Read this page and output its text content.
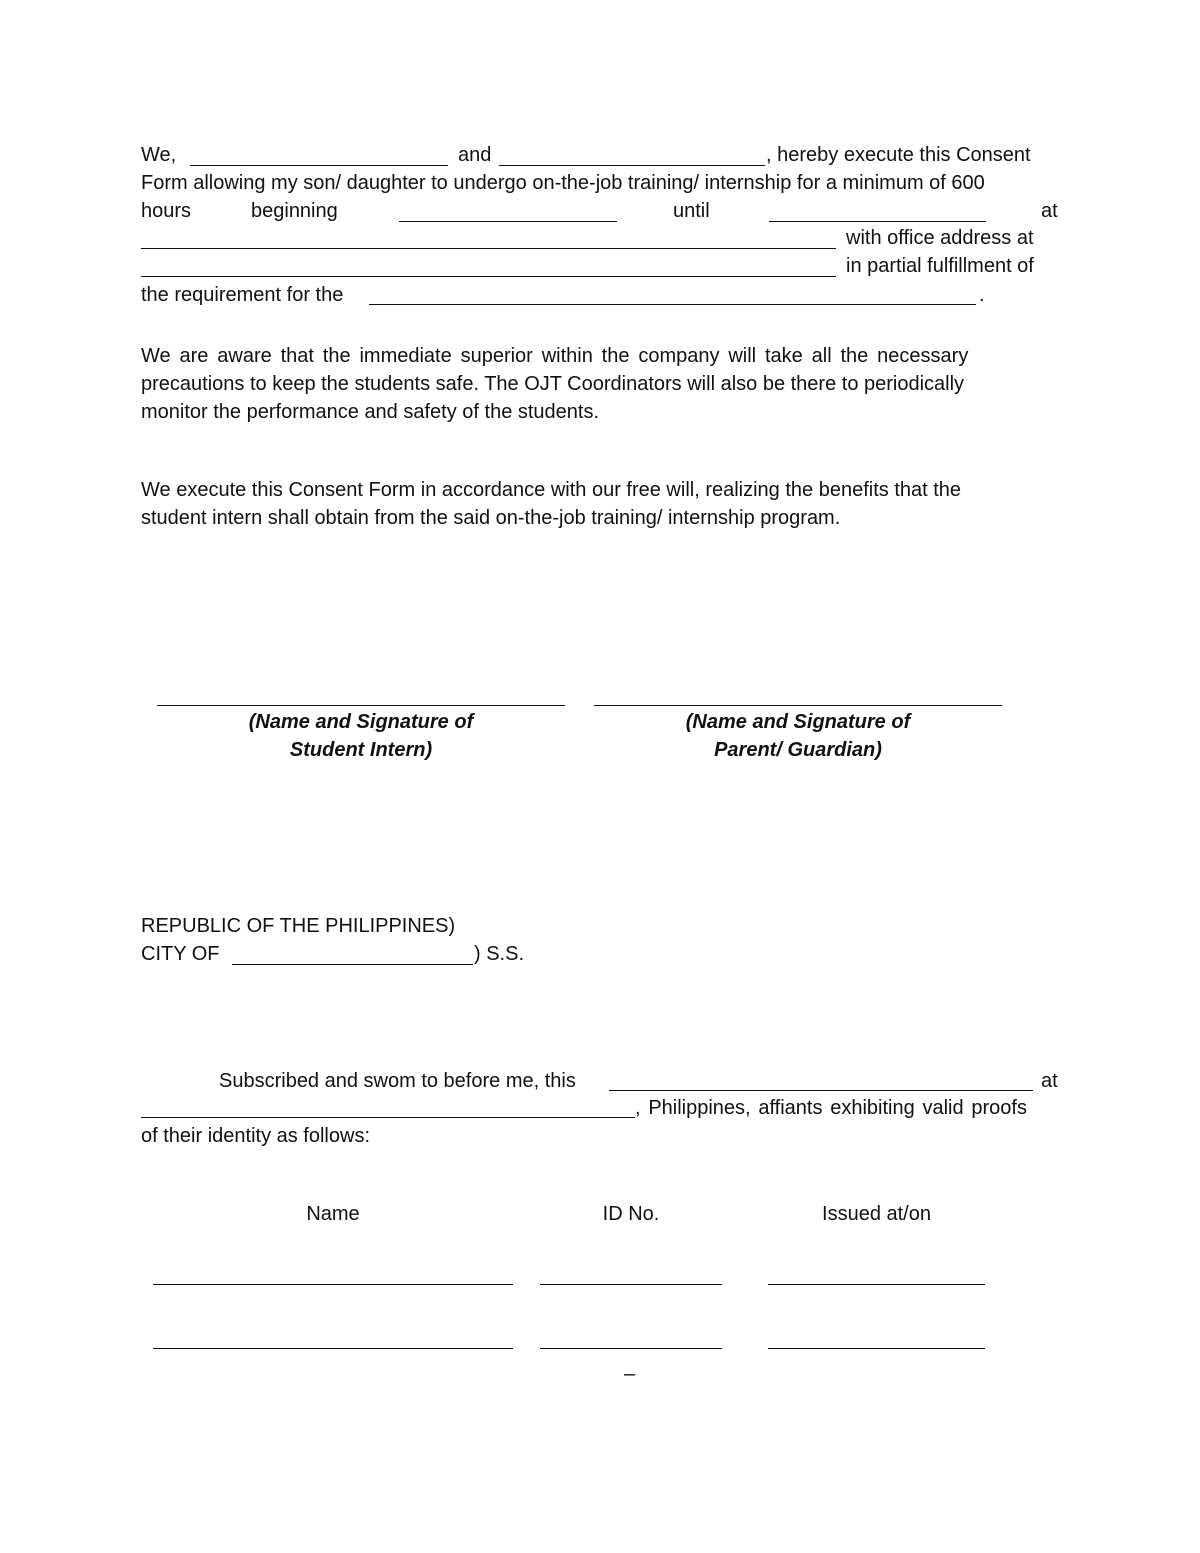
We,	and	, hereby execute this Consent
Form allowing my son/ daughter to undergo on-the-job training/ internship for a minimum of 600
hours	beginning	until	at
with office address at
in partial fulfillment of
the requirement for the	.
We are aware that the immediate superior within the company will take all the necessary
precautions to keep the students safe. The OJT Coordinators will also be there to periodically
monitor the performance and safety of the students.
We execute this Consent Form in accordance with our free will, realizing the benefits that the
student intern shall obtain from the said on-the-job training/ internship program.
(Name and Signature of
Student Intern)
(Name and Signature of
Parent/ Guardian)
REPUBLIC OF THE PHILIPPINES)
CITY OF	) S.S.
Subscribed and swom to before me, this	at
, Philippines, affiants exhibiting valid proofs
of their identity as follows:
Name	ID No.	Issued at/on
–
